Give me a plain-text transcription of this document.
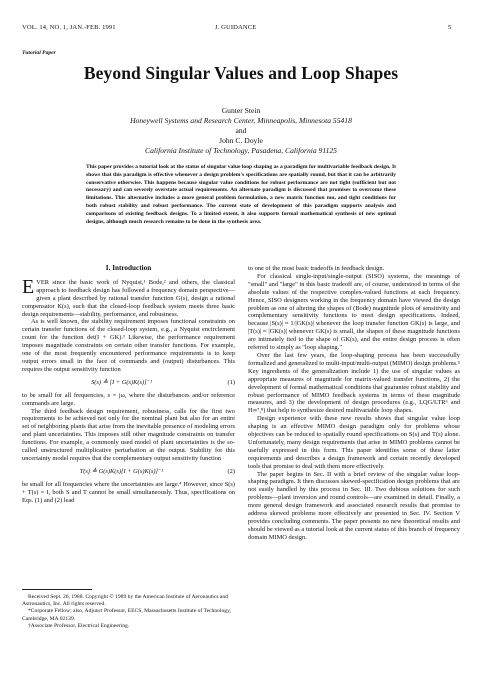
VOL. 14, NO. 1, JAN.-FEB. 1991	J. GUIDANCE	5
Tutorial Paper
Beyond Singular Values and Loop Shapes
Gunter Stein
Honeywell Systems and Research Center, Minneapolis, Minnesota 55418
and
John C. Doyle
California Institute of Technology, Pasadena, California 91125

This paper provides a tutorial look at the status of singular value loop shaping as a paradigm for multivariable feedback design. It shows that this paradigm is effective whenever a design problem's specifications are spatially round, but that it can be arbitrarily conservative otherwise. This happens because singular value conditions for robust performance are not tight (sufficient but not necessary) and can severely overstate actual requirements. An alternate paradigm is discussed that promises to overcome these limitations. This alternative includes a more general problem formulation, a new matrix function mu, and tight conditions for both robust stability and robust performance. The current state of development of this paradigm supports analysis and comparisons of existing feedback designs. To a limited extent, it also supports formal mathematical synthesis of new optimal designs, although much research remains to be done in the synthesis area.

I. Introduction

EVER since the basic work of Nyquist,¹ Bode,² and others, the classical approach to feedback design has followed a frequency domain perspective—given a plant described by rational transfer function G(s), design a rational compensator K(s), such that the closed-loop feedback system meets three basic design requirements—stability, performance, and robustness.

As is well known, the stability requirement imposes functional constraints on certain transfer functions of the closed-loop system, e.g., a Nyquist encirclement count for the function det(I + GK).³ Likewise, the performance requirement imposes magnitude constraints on certain other transfer functions. For example, one of the most frequently encountered performance requirements is to keep output errors small in the face of commands and (output) disturbances. This requires the output sensitivity function

S(s) ≜ [I + G(s)K(s)]⁻¹	(1)

to be small for all frequencies, s = jω, where the disturbances and/or reference commands are large.

The third feedback design requirement, robustness, calls for the first two requirements to be achieved not only for the nominal plant but also for an entire set of neighboring plants that arise from the inevitable presence of modeling errors and plant uncertainties. This imposes still other magnitude constraints on transfer functions. For example, a commonly used model of plant uncertainties is the so-called unstructured multiplicative perturbation at the output. Stability for this uncertainty model requires that the complementary output sensitivity function

T(s) ≜ G(s)K(s)[I + G(s)K(s)]⁻¹	(2)

be small for all frequencies where the uncertainties are large.⁴ However, since S(s) + T(s) = I, both S and T cannot be small simultaneously. Thus, specifications on Eqs. (1) and (2) lead

Received Sept. 26, 1988. Copyright © 1989 by the American Institute of Aeronautics and Astronautics, Inc. All rights reserved.

*Corporate Fellow; also, Adjunct Professor, EECS, Massachusetts Institute of Technology, Cambridge, MA 02139.

†Associate Professor, Electrical Engineering.

to one of the most basic tradeoffs in feedback design.

For classical single-input/single-output (SISO) systems, the meanings of "small" and "large" in this basic tradeoff are, of course, understood in terms of the absolute values of the respective complex-valued functions at each frequency. Hence, SISO designers working in the frequency domain have viewed the design problem as one of altering the shapes of (Bode) magnitude plots of sensitivity and complementary sensitivity functions to meet design specifications. Indeed, because |S(s)| ≈ 1/|GK(s)| whenever the loop transfer function GK(s) is large, and |T(s)| ≈ |GK(s)| whenever GK(s) is small, the shapes of these magnitude functions are intimately tied to the shape of GK(s), and the entire design process is often referred to simply as "loop shaping."

Over the last few years, the loop-shaping process has been successfully formalized and generalized to multi-input/multi-output (MIMO) design problems.⁵ Key ingredients of the generalization include 1) the use of singular values as appropriate measures of magnitude for matrix-valued transfer functions, 2) the development of formal mathematical conditions that guarantee robust stability and robust performance of MIMO feedback systems in terms of these magnitude measures, and 3) the development of design procedures (e.g., LQG/LTR⁶ and H∞⁷,⁸) that help to synthesize desired multivariable loop shapes.

Design experience with these new results shows that singular value loop shaping is an effective MIMO design paradigm only for problems whose objectives can be reduced to spatially round specifications on S(s) and T(s) alone. Unfortunately, many design requirements that arise in MIMO problems cannot be usefully expressed in this form. This paper identifies some of these latter requirements and describes a design framework and certain recently developed tools that promise to deal with them more effectively.

The paper begins in Sec. II with a brief review of the singular value loop-shaping paradigm. It then discusses skewed-specification design problems that are not easily handled by this process in Sec. III. Two dubious solutions for such problems—plant inversion and round controls—are examined in detail. Finally, a more general design framework and associated research results that promise to address skewed problems more effectively are presented in Sec. IV. Section V provides concluding comments. The paper presents no new theoretical results and should be viewed as a tutorial look at the current status of this branch of frequency domain MIMO design.
